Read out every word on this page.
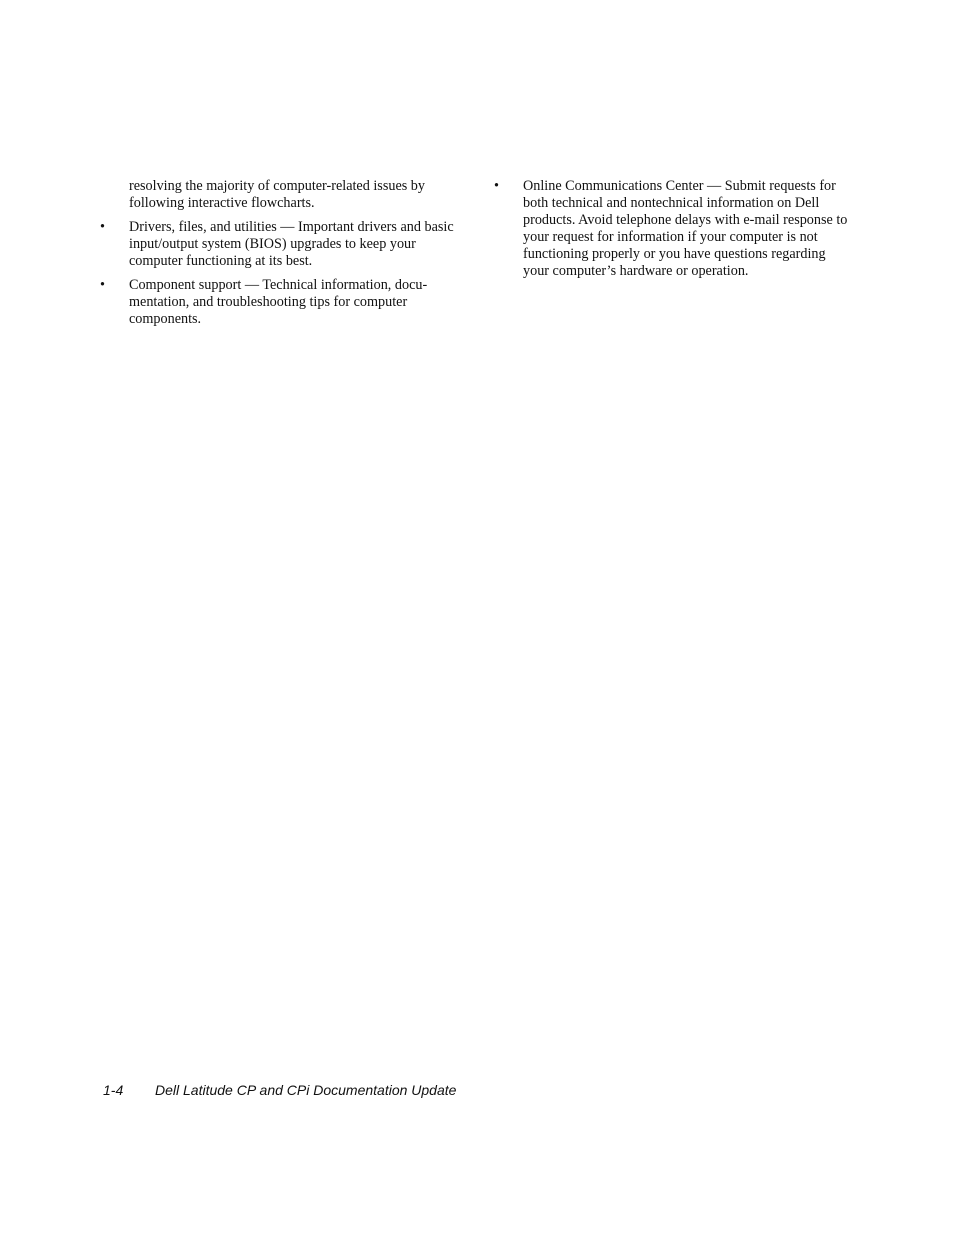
resolving the majority of computer-related issues by following interactive flowcharts.

•	Drivers, files, and utilities — Important drivers and basic input/output system (BIOS) upgrades to keep your computer functioning at its best.

•	Component support — Technical information, docu-mentation, and troubleshooting tips for computer components.

•	Online Communications Center — Submit requests for both technical and nontechnical information on Dell products. Avoid telephone delays with e-mail response to your request for information if your computer is not functioning properly or you have questions regarding your computer’s hardware or operation.

1-4 Dell Latitude CP and CPi Documentation Update
